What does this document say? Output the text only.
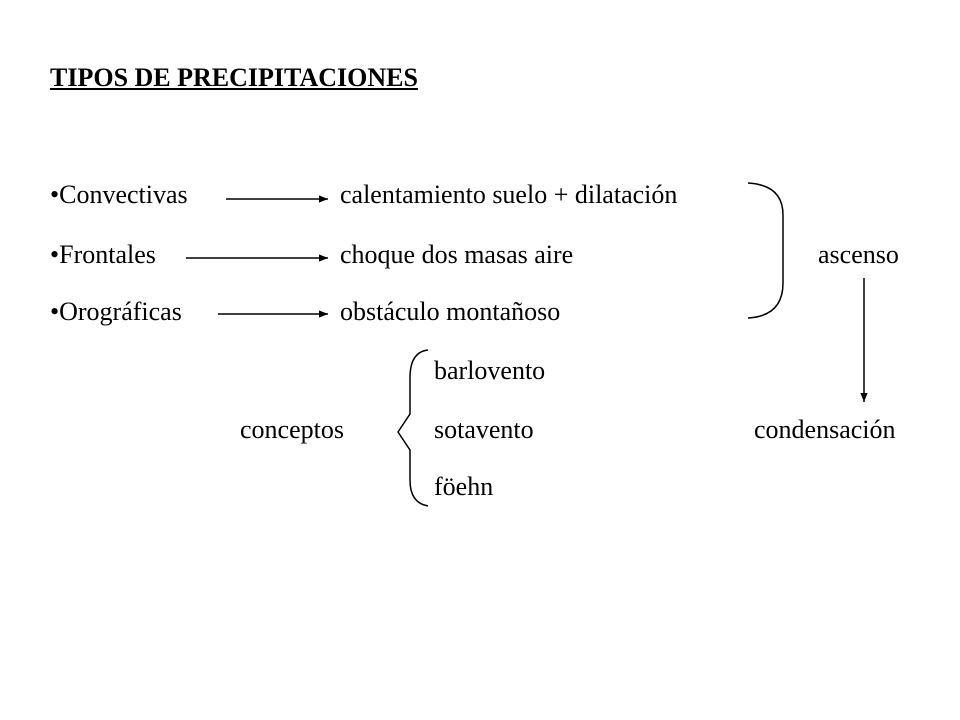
TIPOS DE PRECIPITACIONES
•Convectivas	calentamiento suelo + dilatación
•Frontales	choque dos masas aire
•Orográficas	obstáculo montañoso
ascenso
condensación
conceptos
barlovento
sotavento
föehn
